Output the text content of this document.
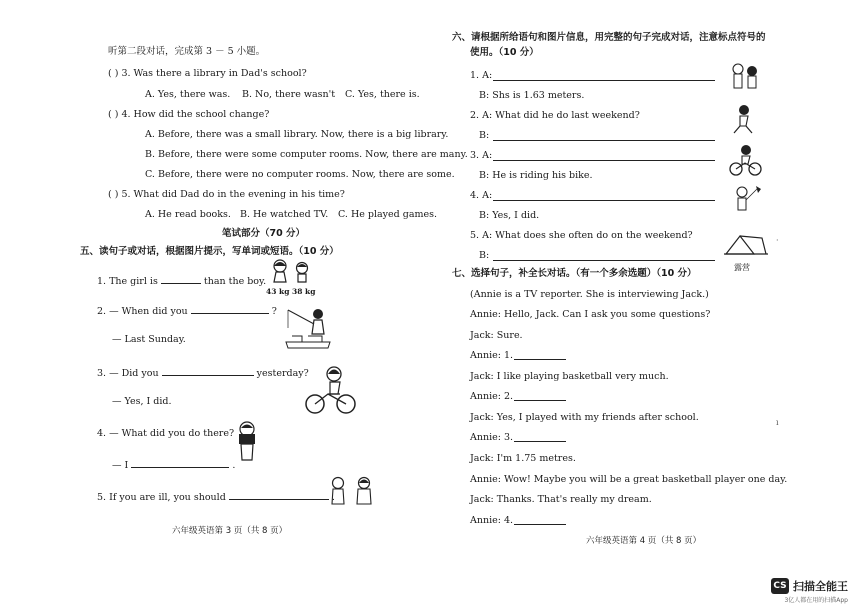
听第二段对话，完成第 3 － 5 小题。
( ) 3. Was there a library in Dad's school?
A. Yes, there was. B. No, there wasn't C. Yes, there is.
( ) 4. How did the school change?
A. Before, there was a small library. Now, there is a big library.
B. Before, there were some computer rooms. Now, there are many.
C. Before, there were no computer rooms. Now, there are some.
( ) 5. What did Dad do in the evening in his time?
A. He read books. B. He watched TV. C. He played games.
笔试部分（70 分）
五、读句子或对话，根据图片提示，写单词或短语。（10 分）
1. The girl is	than the boy.
43 kg 38 kg
2. — When did you	?
— Last Sunday.
3. — Did you	yesterday?
— Yes, I did.
4. — What did you do there?
— I	.
5. If you are ill, you should	.
六年级英语第 3 页（共 8 页）
六、请根据所给语句和图片信息，用完整的句子完成对话，注意标点符号的
使用。（10 分）
1. A:
B: Shs is 1.63 meters.
2. A: What did he do last weekend?
B:
3. A:
B: He is riding his bike.
4. A:
B: Yes, I did.
5. A: What does she often do on the weekend?
B:
露营
七、选择句子，补全长对话。（有一个多余选题）（10 分）
(Annie is a TV reporter. She is interviewing Jack.)
Annie: Hello, Jack. Can I ask you some questions?
Jack: Sure.
Annie: 1.
Jack: I like playing basketball very much.
Annie: 2.
Jack: Yes, I played with my friends after school.
Annie: 3.
Jack: I'm 1.75 metres.
Annie: Wow! Maybe you will be a great basketball player one day.
Jack: Thanks. That's really my dream.
Annie: 4.
六年级英语第 4 页（共 8 页）
·
ı
CS 扫描全能王
3亿人都在用的扫描App
